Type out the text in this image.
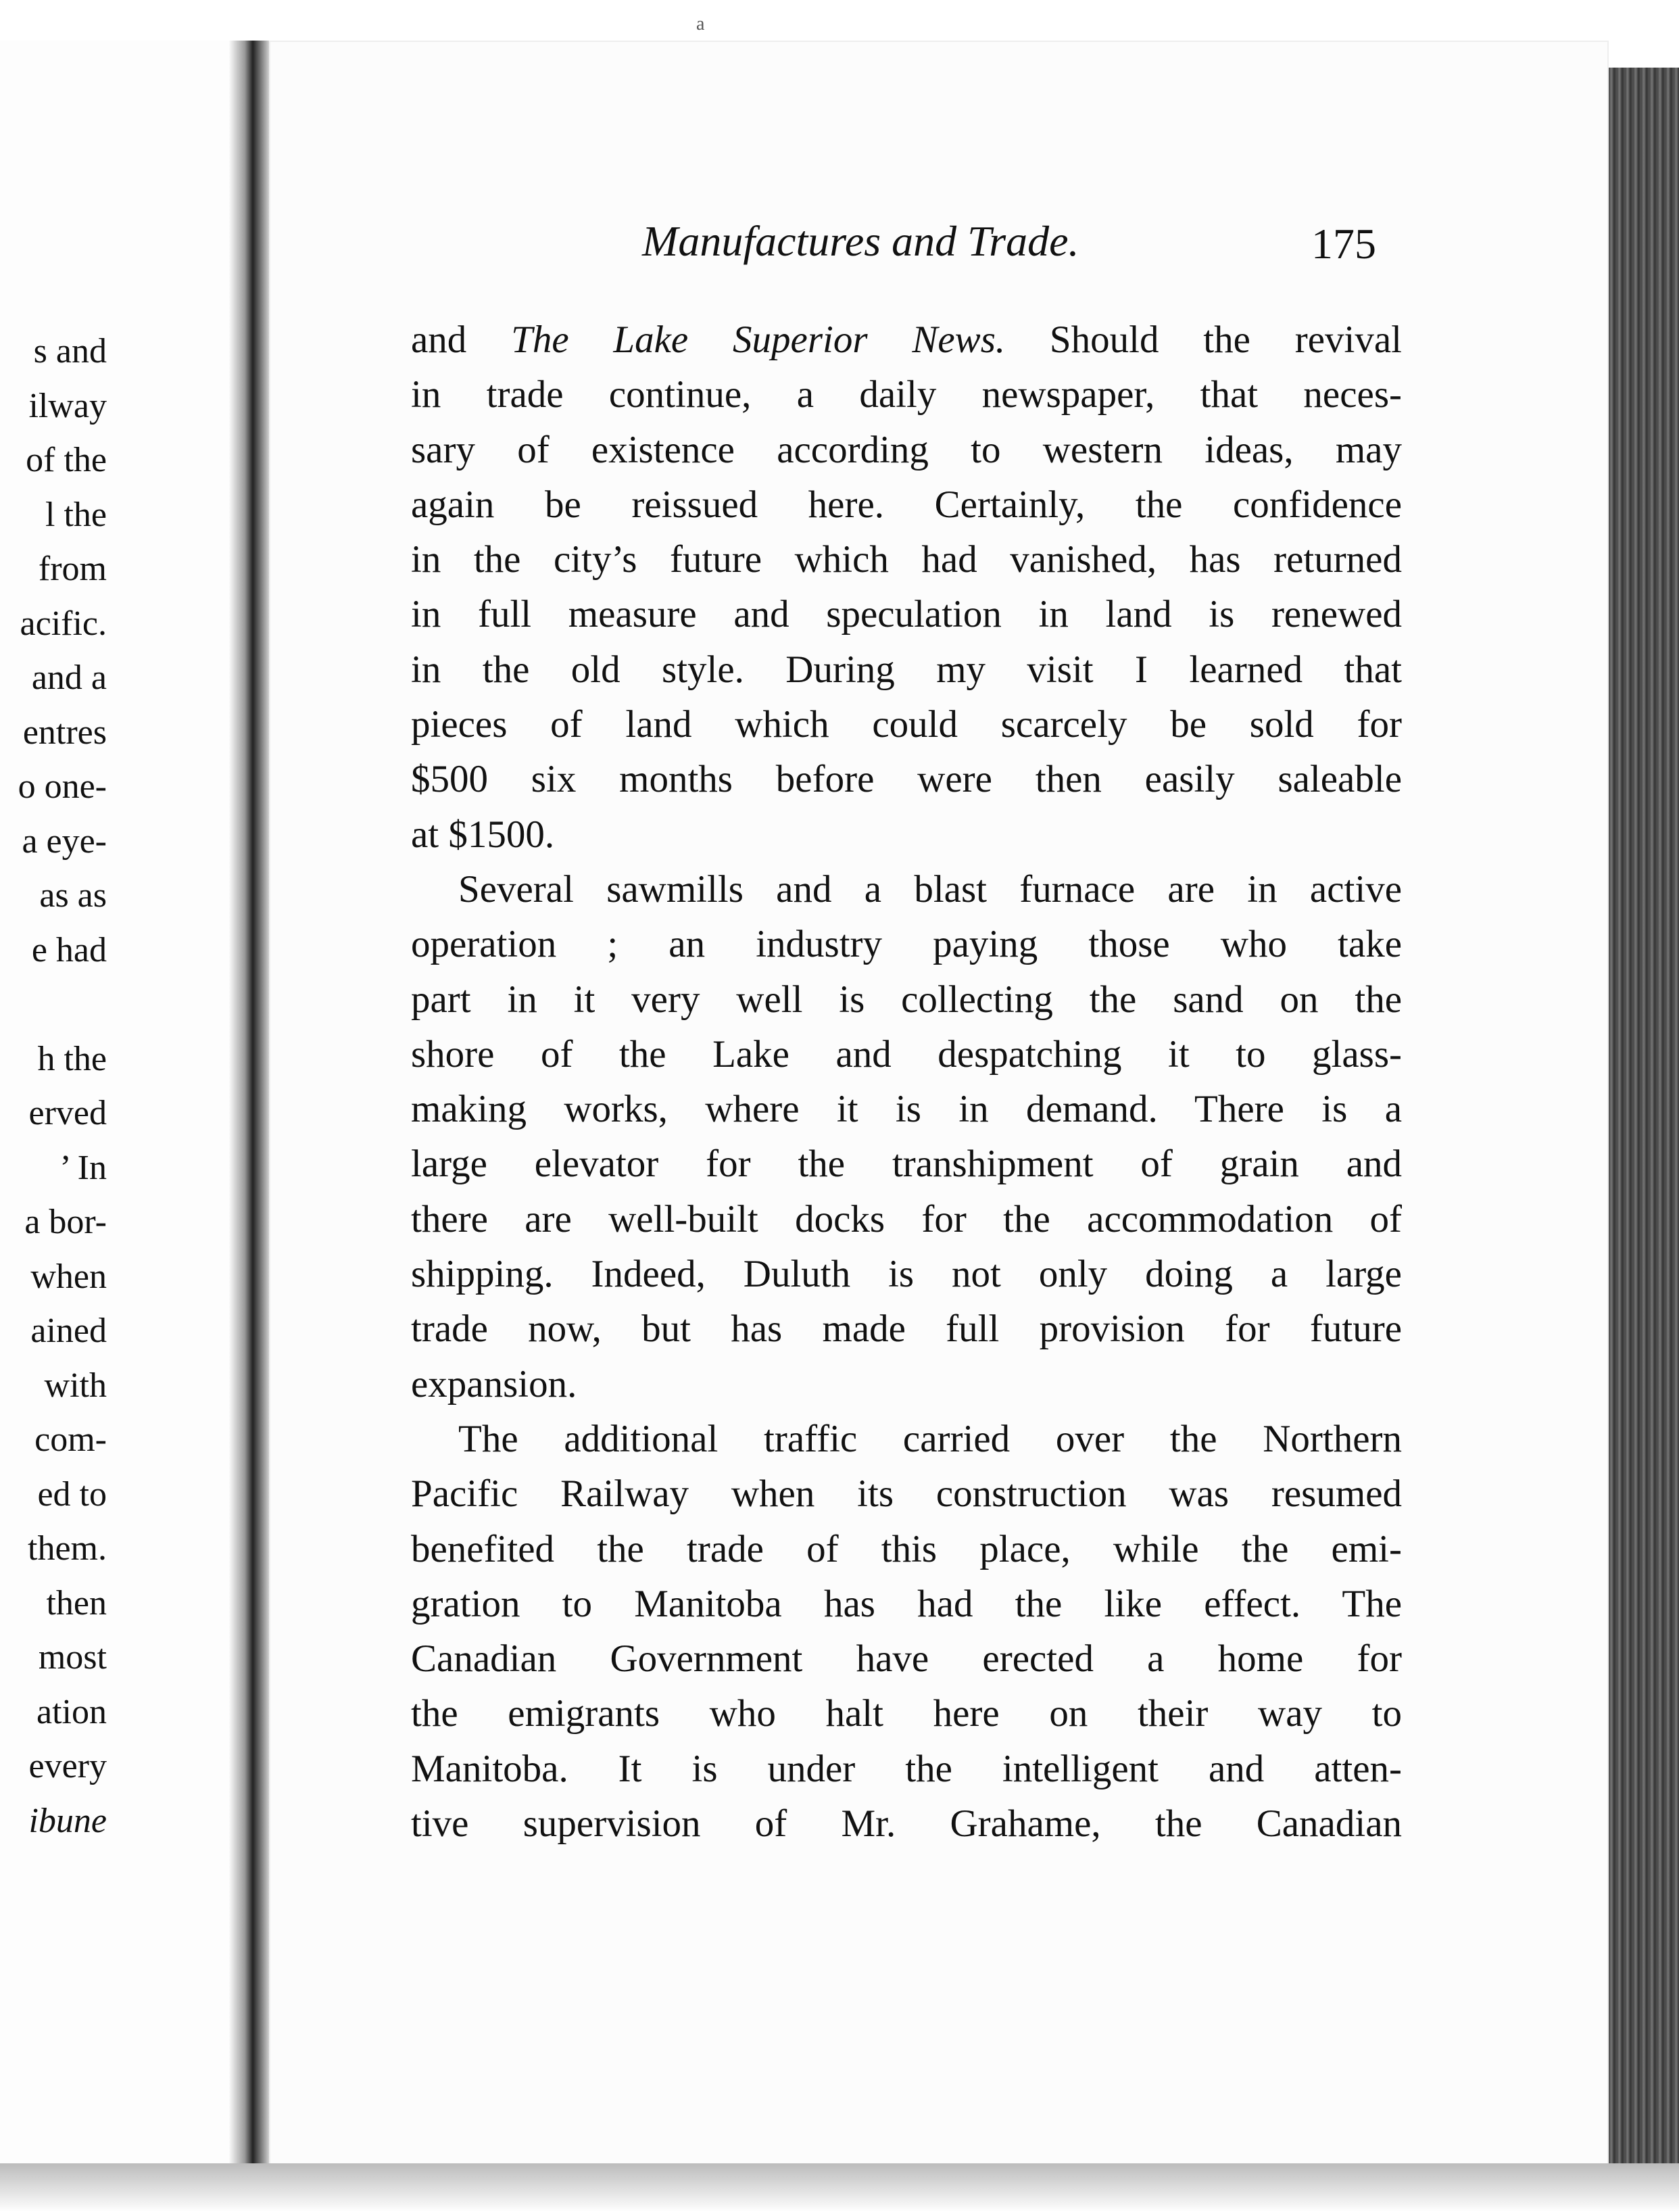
s and
ilway
of the
l the
from
acific.
and a
entres
o one-
a eye-
as as
e had
h the
erved
’ In
a bor-
when
ained
with
com-
ed to
them.
then
most
ation
every
ibune
a
Manufactures and Trade.	175
and The Lake Superior News. Should the revival
in trade continue, a daily newspaper, that neces-
sary of existence according to western ideas, may
again be reissued here. Certainly, the confidence
in the city’s future which had vanished, has returned
in full measure and speculation in land is renewed
in the old style. During my visit I learned that
pieces of land which could scarcely be sold for
$500 six months before were then easily saleable
at $1500.
Several sawmills and a blast furnace are in active
operation ; an industry paying those who take
part in it very well is collecting the sand on the
shore of the Lake and despatching it to glass-
making works, where it is in demand. There is a
large elevator for the transhipment of grain and
there are well-built docks for the accommodation of
shipping. Indeed, Duluth is not only doing a large
trade now, but has made full provision for future
expansion.
The additional traffic carried over the Northern
Pacific Railway when its construction was resumed
benefited the trade of this place, while the emi-
gration to Manitoba has had the like effect. The
Canadian Government have erected a home for
the emigrants who halt here on their way to
Manitoba. It is under the intelligent and atten-
tive supervision of Mr. Grahame, the Canadian
